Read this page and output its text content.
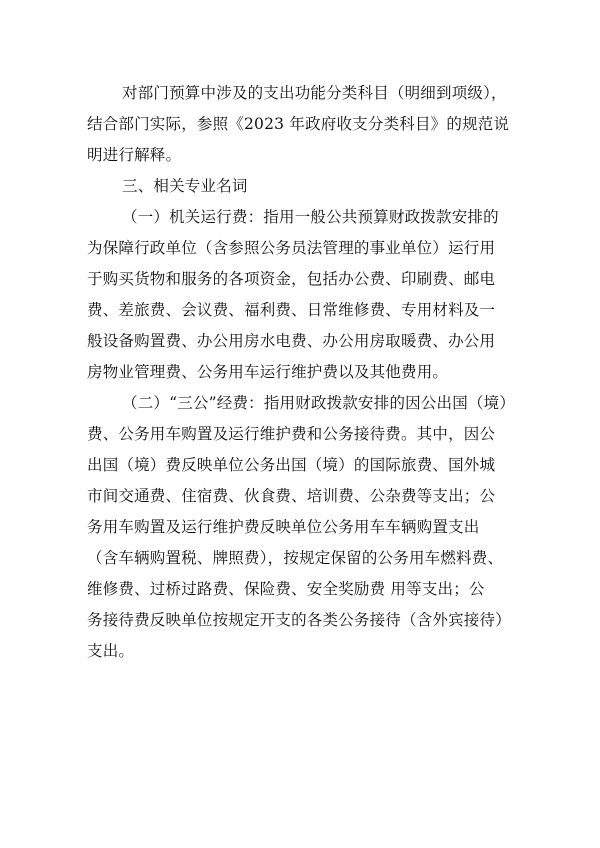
对部门预算中涉及的支出功能分类科目（明细到项级），
结合部门实际，参照《2023 年政府收支分类科目》的规范说
明进行解释。
三、相关专业名词
（一）机关运行费：指用一般公共预算财政拨款安排的
为保障行政单位（含参照公务员法管理的事业单位）运行用
于购买货物和服务的各项资金，包括办公费、印刷费、邮电
费、差旅费、会议费、福利费、日常维修费、专用材料及一
般设备购置费、办公用房水电费、办公用房取暖费、办公用
房物业管理费、公务用车运行维护费以及其他费用。
（二）“三公”经费：指用财政拨款安排的因公出国（境）
费、公务用车购置及运行维护费和公务接待费。其中，因公
出国（境）费反映单位公务出国（境）的国际旅费、国外城
市间交通费、住宿费、伙食费、培训费、公杂费等支出；公
务用车购置及运行维护费反映单位公务用车车辆购置支出
（含车辆购置税、牌照费），按规定保留的公务用车燃料费、
维修费、过桥过路费、保险费、安全奖励费 用等支出；公
务接待费反映单位按规定开支的各类公务接待（含外宾接待）
支出。
